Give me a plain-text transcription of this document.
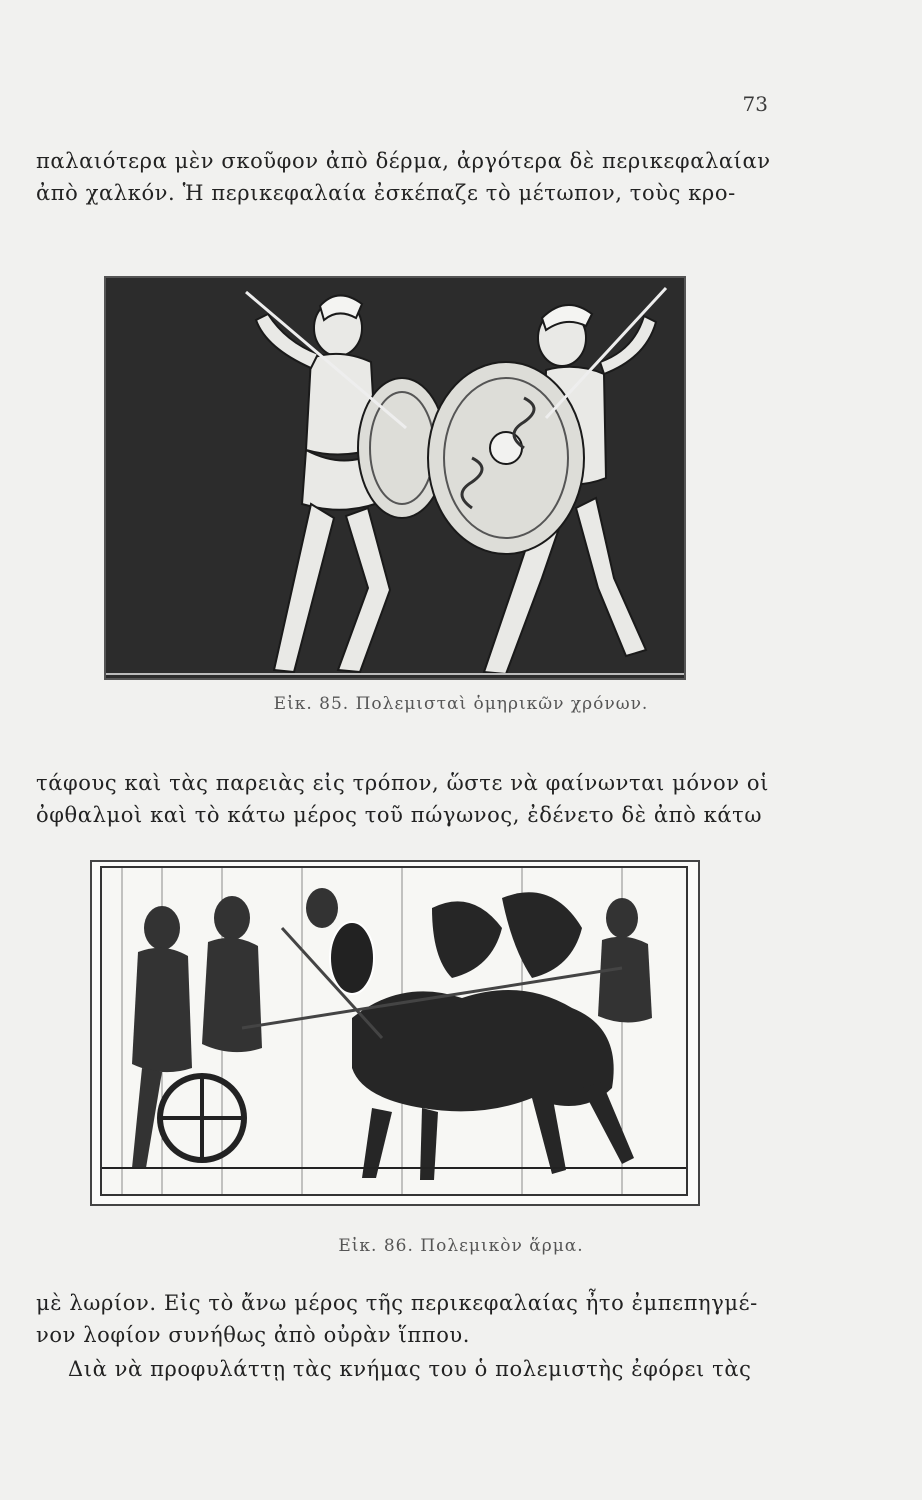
73
παλαιότερα μὲν σκοῦφον ἀπὸ δέρμα, ἀργότερα δὲ περικεφαλαίαν
ἀπὸ χαλκόν. Ἡ περικεφαλαία ἐσκέπαζε τὸ μέτωπον, τοὺς κρο-
Εἰκ. 85. Πολεμισταὶ ὁμηρικῶν χρόνων.
τάφους καὶ τὰς παρειὰς εἰς τρόπον, ὥστε νὰ φαίνωνται μόνον οἱ
ὀφθαλμοὶ καὶ τὸ κάτω μέρος τοῦ πώγωνος, ἐδένετο δὲ ἀπὸ κάτω
Εἰκ. 86. Πολεμικὸν ἅρμα.
μὲ λωρίον. Εἰς τὸ ἄνω μέρος τῆς περικεφαλαίας ἦτο ἐμπεπηγμέ-
νον λοφίον συνήθως ἀπὸ οὐρὰν ἵππου.
Διὰ νὰ προφυλάττῃ τὰς κνήμας του ὁ πολεμιστὴς ἐφόρει τὰς
